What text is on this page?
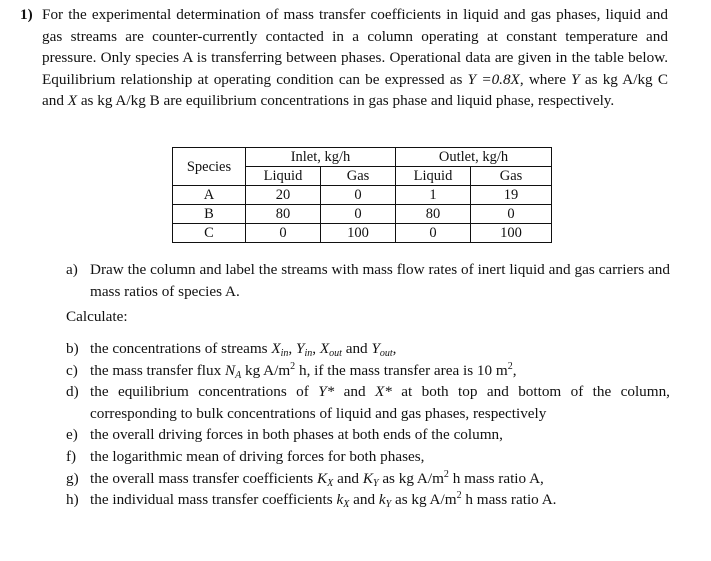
1) For the experimental determination of mass transfer coefficients in liquid and gas phases, liquid and gas streams are counter-currently contacted in a column operating at constant temperature and pressure. Only species A is transferring between phases. Operational data are given in the table below. Equilibrium relationship at operating condition can be expressed as Y =0.8X, where Y as kg A/kg C and X as kg A/kg B are equilibrium concentrations in gas phase and liquid phase, respectively.
Species	Inlet, kg/h		Outlet, kg/h	
	Liquid	Gas	Liquid	Gas
A	20	0	1	19
B	80	0	80	0
C	0	100	0	100
a) Draw the column and label the streams with mass flow rates of inert liquid and gas carriers and mass ratios of species A.
Calculate:
b) the concentrations of streams $X_{in}$, $Y_{in}$, $X_{out}$ and $Y_{out}$,
c) the mass transfer flux $N_A$ kg $A/m^2$ h, if the mass transfer area is 10 $m^2$,
d) the equilibrium concentrations of Y* and X* at both top and bottom of the column, corresponding to bulk concentrations of liquid and gas phases, respectively
e) the overall driving forces in both phases at both ends of the column,
f) the logarithmic mean of driving forces for both phases,
g) the overall mass transfer coefficients $K_X$ and $K_Y$ as kg $A/m^2$ h mass ratio A,
h) the individual mass transfer coefficients $k_X$ and $k_Y$ as kg $A/m^2$ h mass ratio A.
